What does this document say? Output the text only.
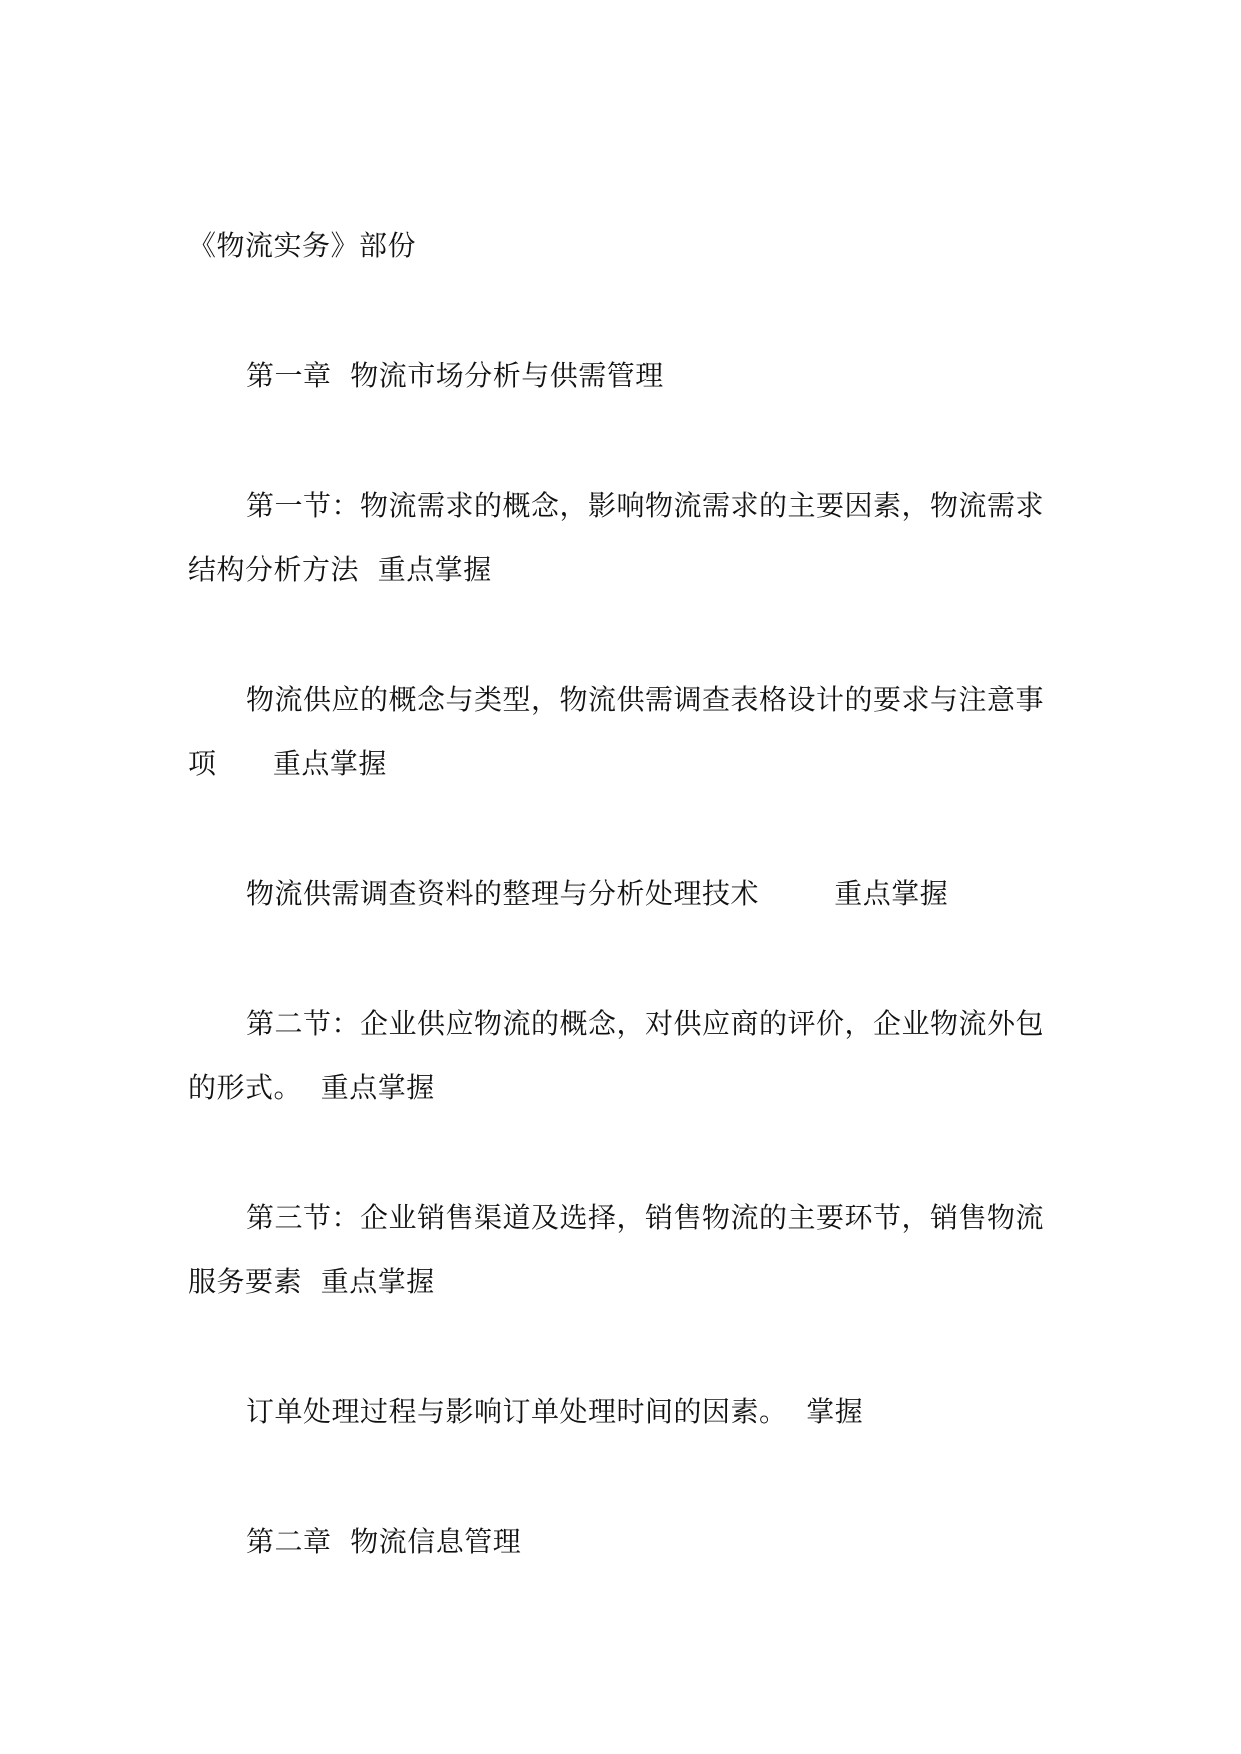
《物流实务》部份
第一章  物流市场分析与供需管理
第一节：物流需求的概念，影响物流需求的主要因素，物流需求
结构分析方法  重点掌握
物流供应的概念与类型，物流供需调查表格设计的要求与注意事
项      重点掌握
物流供需调查资料的整理与分析处理技术        重点掌握
第二节：企业供应物流的概念，对供应商的评价，企业物流外包
的形式。  重点掌握
第三节：企业销售渠道及选择，销售物流的主要环节，销售物流
服务要素  重点掌握
订单处理过程与影响订单处理时间的因素。  掌握
第二章  物流信息管理
